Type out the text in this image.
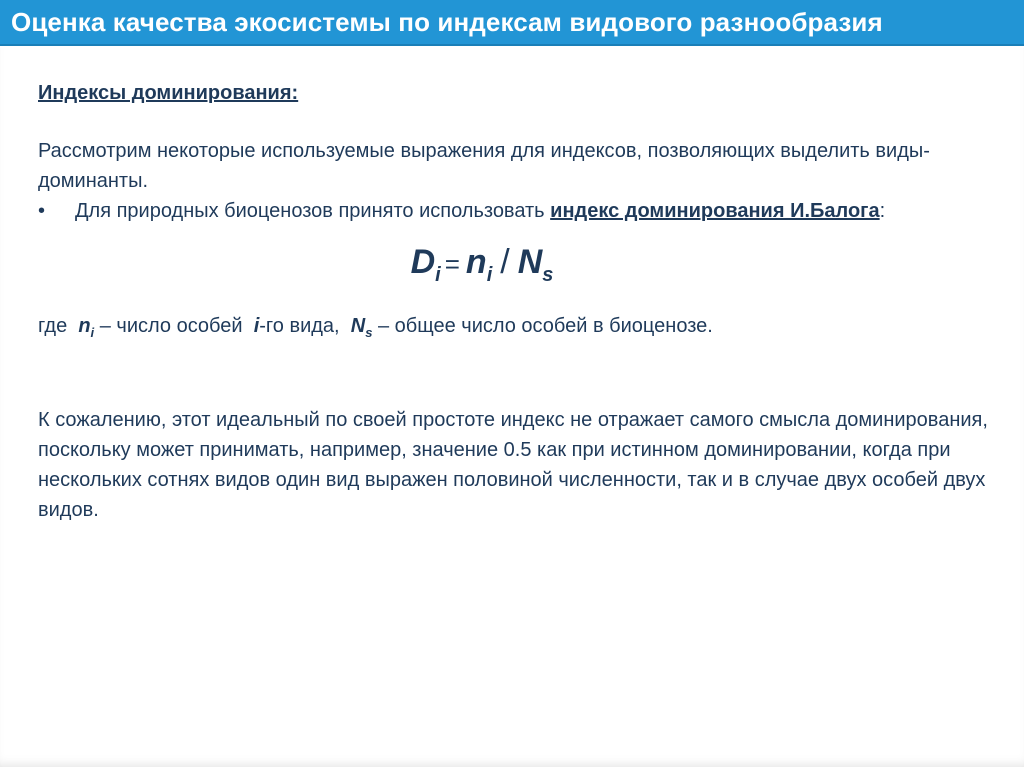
Оценка качества экосистемы по индексам видового разнообразия
Индексы доминирования:

Рассмотрим некоторые используемые выражения для индексов, позволяющих выделить виды-доминанты.

•	Для природных биоценозов принято использовать индекс доминирования И.Балога:
$D_i = n_i / N_s$

где $n_i$ – число особей  i-го вида,  $N_s$ – общее число особей в биоценозе.

К сожалению, этот идеальный по своей простоте индекс не отражает самого смысла доминирования, поскольку может принимать, например, значение 0.5 как при истинном доминировании, когда при нескольких сотнях видов один вид выражен половиной численности, так и в случае двух особей двух видов.
